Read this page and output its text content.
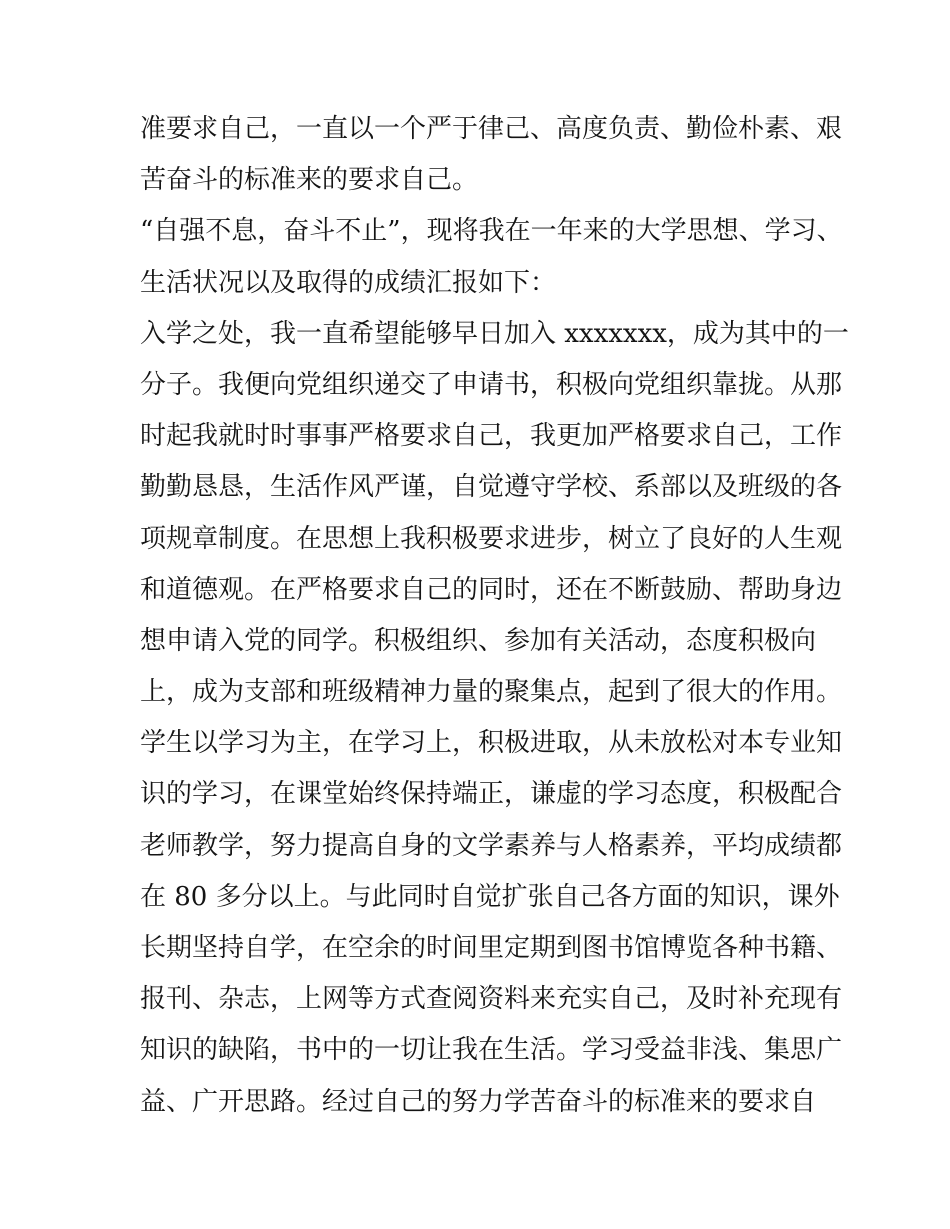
准要求自己，一直以一个严于律己、高度负责、勤俭朴素、艰
苦奋斗的标准来的要求自己。
“自强不息，奋斗不止”，现将我在一年来的大学思想、学习、
生活状况以及取得的成绩汇报如下：
入学之处，我一直希望能够早日加入 xxxxxxx，成为其中的一
分子。我便向党组织递交了申请书，积极向党组织靠拢。从那
时起我就时时事事严格要求自己，我更加严格要求自己，工作
勤勤恳恳，生活作风严谨，自觉遵守学校、系部以及班级的各
项规章制度。在思想上我积极要求进步，树立了良好的人生观
和道德观。在严格要求自己的同时，还在不断鼓励、帮助身边
想申请入党的同学。积极组织、参加有关活动，态度积极向
上，成为支部和班级精神力量的聚集点，起到了很大的作用。
学生以学习为主，在学习上，积极进取，从未放松对本专业知
识的学习，在课堂始终保持端正，谦虚的学习态度，积极配合
老师教学，努力提高自身的文学素养与人格素养，平均成绩都
在 80 多分以上。与此同时自觉扩张自己各方面的知识，课外
长期坚持自学，在空余的时间里定期到图书馆博览各种书籍、
报刊、杂志，上网等方式查阅资料来充实自己，及时补充现有
知识的缺陷，书中的一切让我在生活。学习受益非浅、集思广
益、广开思路。经过自己的努力学苦奋斗的标准来的要求自
